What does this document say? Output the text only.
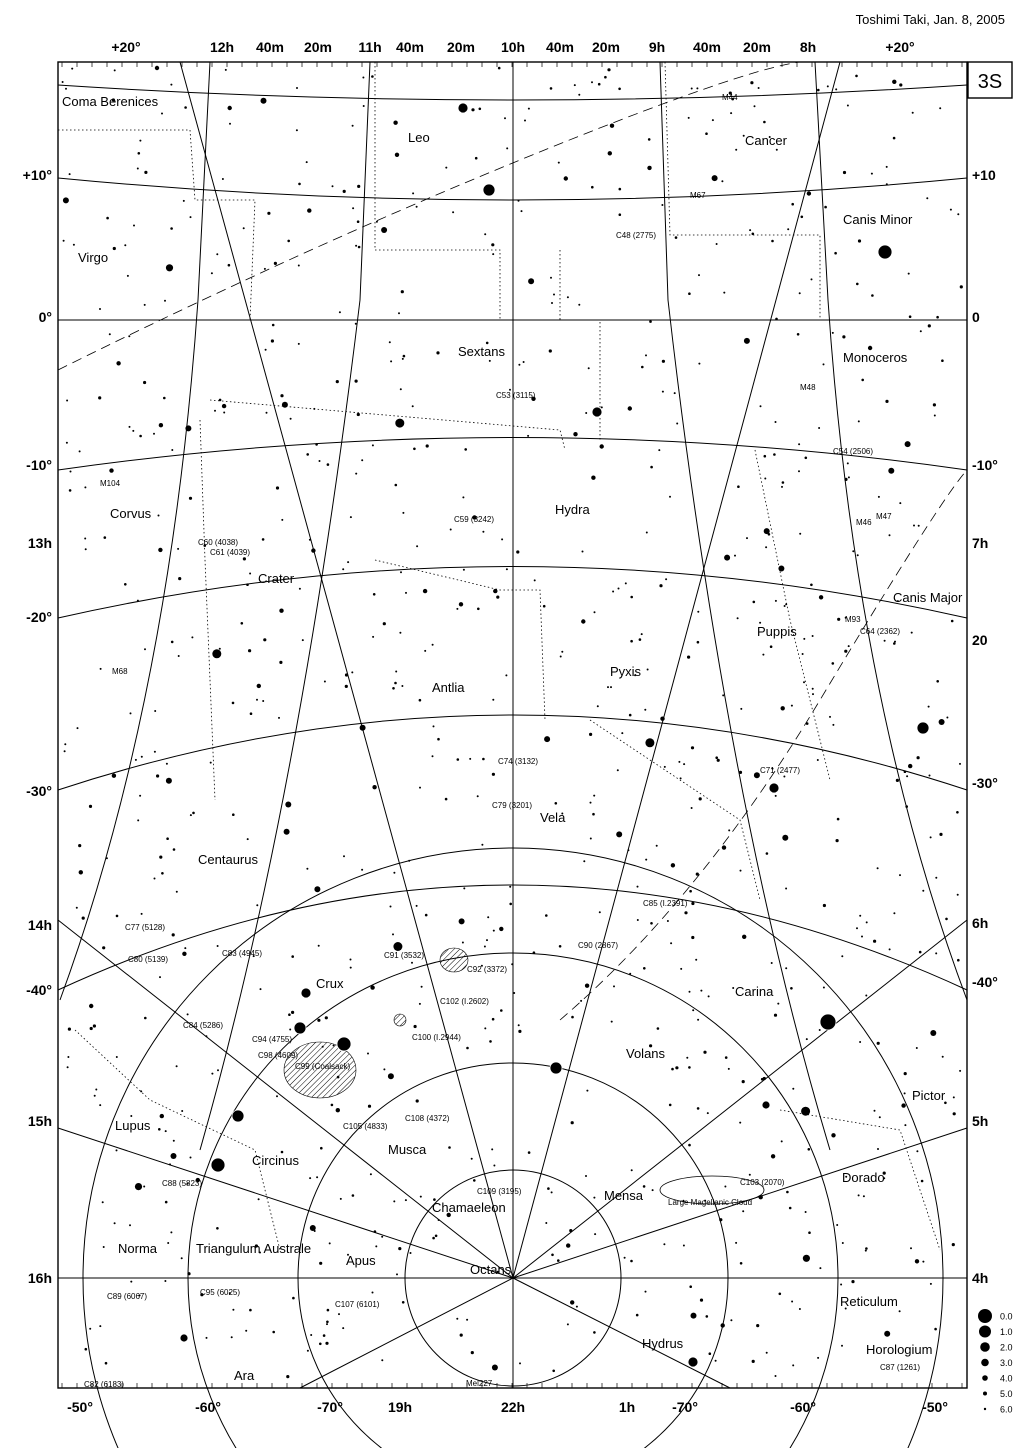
Toshimi Taki, Jan. 8, 2005
3S
Coma Berenices
Leo	Cancer
Virgo
Canis Minor
Sextans	Monoceros
Corvus	Hydra
Crater
Canis Major
Puppis
Antlia
Pyxis
Vela
Centaurus
Crux
Carina
Lupus
Musca
Volans
Pictor
Circinus
Chamaeleon
Mensa
Dorado
Norma	Triangulum Australe
Apus
Octans
Reticulum
Horologium
Hydrus
Ara
M44
M67
M48
M46
M47
M93
M68
M104
C48 (2775)
C53 (3115)
C54 (2506)
C59 (3242)
C60 (4038)
C61 (4039)
C64 (2362)
C71 (2477)
C74 (3132)
C79 (3201)
C77 (5128)
C80 (5139)
C83 (4945)
C84 (5286)
C85 (I.2391)
C90 (2867)
C91 (3532)
C92 (3372)
C94 (4755)
C98 (4609)
C99 (Coalsack)
C100 (I.2944)
C102 (I.2602)
C103 (2070)
C105 (4833)
C108 (4372)
C109 (3195)
C107 (6101)
C87 (1261)
C88 (5823)
C89 (6067)	C95 (6025)
C82 (6183)
Large Magellanic Cloud
Mel227
+20°	12h 40m 20m 11h 40m 20m 10h 40m 20m 9h 40m 20m 8h	+20°
-50°	-60°	-70°	19h	22h	1h	-70°	-60°	-50°
+10°
0°
-10°
13h
-20°
-30°
14h
-40°
15h
16h
+10
0
-10°
7h
20
-30°
6h
-40°
5h
4h
0.0
1.0
2.0
3.0
4.0
5.0
6.0
